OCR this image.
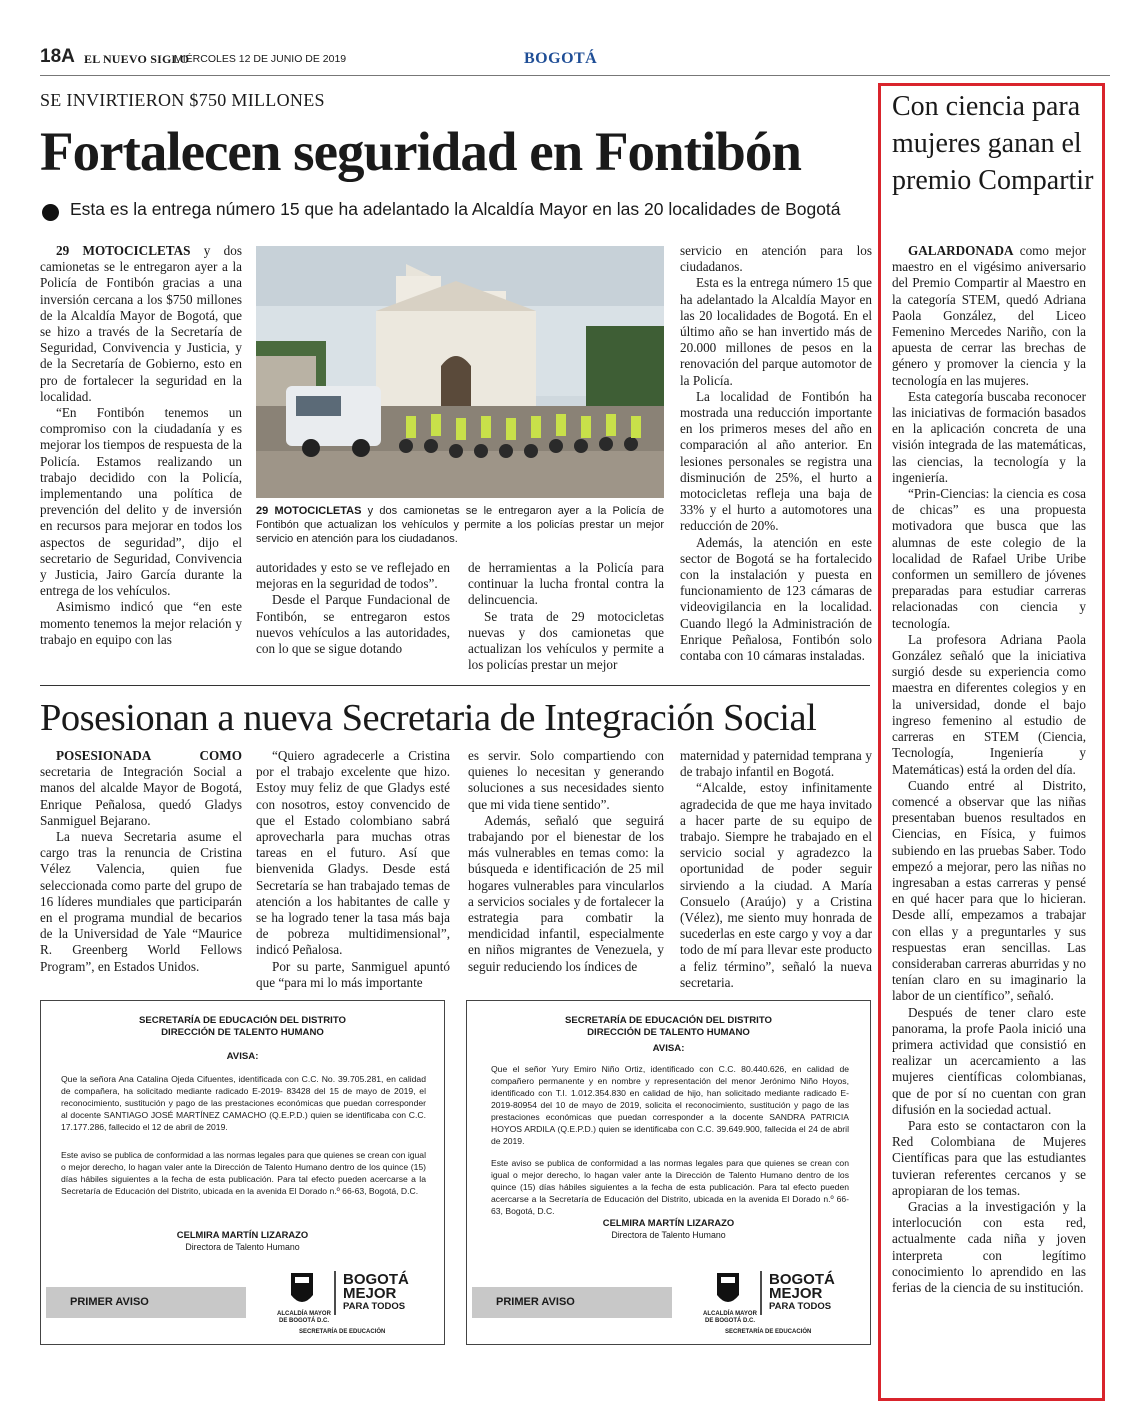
18A EL NUEVO SIGLO
MIÉRCOLES 12 DE JUNIO DE 2019	BOGOTÁ
SE INVIRTIERON $750 MILLONES
Fortalecen seguridad en Fontibón
Esta es la entrega número 15 que ha adelantado la Alcaldía Mayor en las 20 localidades de Bogotá

29 MOTOCICLETAS y dos camionetas se le entregaron ayer a la Policía de Fontibón gracias a una inversión cercana a los $750 millones de la Alcaldía Mayor de Bogotá, que se hizo a través de la Secretaría de Seguridad, Convivencia y Justicia, y de la Secretaría de Gobierno, esto en pro de fortalecer la seguridad en la localidad.

“En Fontibón tenemos un compromiso con la ciudadanía y es mejorar los tiempos de respuesta de la Policía. Estamos realizando un trabajo decidido con la Policía, implementando una política de prevención del delito y de inversión en recursos para mejorar en todos los aspectos de seguridad”, dijo el secretario de Seguridad, Convivencia y Justicia, Jairo García durante la entrega de los vehículos.

Asimismo indicó que “en este momento tenemos la mejor relación y trabajo en equipo con las

29 MOTOCICLETAS y dos camionetas se le entregaron ayer a la Policía de Fontibón que actualizan los vehículos y permite a los policías prestar un mejor servicio en atención para los ciudadanos.

autoridades y esto se ve reflejado en mejoras en la seguridad de todos”.

Desde el Parque Fundacional de Fontibón, se entregaron estos nuevos vehículos a las autoridades, con lo que se sigue dotando

de herramientas a la Policía para continuar la lucha frontal contra la delincuencia.

Se trata de 29 motocicletas nuevas y dos camionetas que actualizan los vehículos y permite a los policías prestar un mejor

servicio en atención para los ciudadanos.

Esta es la entrega número 15 que ha adelantado la Alcaldía Mayor en las 20 localidades de Bogotá. En el último año se han invertido más de 20.000 millones de pesos en la renovación del parque automotor de la Policía.

La localidad de Fontibón ha mostrada una reducción importante en los primeros meses del año en comparación al año anterior. En lesiones personales se registra una disminución de 25%, el hurto a motocicletas refleja una baja de 33% y el hurto a automotores una reducción de 20%.

Además, la atención en este sector de Bogotá se ha fortalecido con la instalación y puesta en funcionamiento de 123 cámaras de videovigilancia en la localidad. Cuando llegó la Administración de Enrique Peñalosa, Fontibón solo contaba con 10 cámaras instaladas.

Posesionan a nueva Secretaria de Integración Social

POSESIONADA COMO secretaria de Integración Social a manos del alcalde Mayor de Bogotá, Enrique Peñalosa, quedó Gladys Sanmiguel Bejarano.

La nueva Secretaria asume el cargo tras la renuncia de Cristina Vélez Valencia, quien fue seleccionada como parte del grupo de 16 líderes mundiales que participarán en el programa mundial de becarios de la Universidad de Yale “Maurice R. Greenberg World Fellows Program”, en Estados Unidos.

“Quiero agradecerle a Cristina por el trabajo excelente que hizo. Estoy muy feliz de que Gladys esté con nosotros, estoy convencido de que el Estado colombiano sabrá aprovecharla para muchas otras tareas en el futuro. Así que bienvenida Gladys. Desde está Secretaría se han trabajado temas de atención a los habitantes de calle y se ha logrado tener la tasa más baja de pobreza multidimensional”, indicó Peñalosa.

Por su parte, Sanmiguel apuntó que “para mi lo más importante

es servir. Solo compartiendo con quienes lo necesitan y generando soluciones a sus necesidades siento que mi vida tiene sentido”.

Además, señaló que seguirá trabajando por el bienestar de los más vulnerables en temas como: la búsqueda e identificación de 25 mil hogares vulnerables para vincularlos a servicios sociales y de fortalecer la estrategia para combatir la mendicidad infantil, especialmente en niños migrantes de Venezuela, y seguir reduciendo los índices de

maternidad y paternidad temprana y de trabajo infantil en Bogotá.

“Alcalde, estoy infinitamente agradecida de que me haya invitado a hacer parte de su equipo de trabajo. Siempre he trabajado en el servicio social y agradezco la oportunidad de poder seguir sirviendo a la ciudad. A María Consuelo (Araújo) y a Cristina (Vélez), me siento muy honrada de sucederlas en este cargo y voy a dar todo de mí para llevar este producto a feliz término”, señaló la nueva secretaria.

SECRETARÍA DE EDUCACIÓN DEL DISTRITO
DIRECCIÓN DE TALENTO HUMANO
AVISA:
Que la señora Ana Catalina Ojeda Cifuentes, identificada con C.C. No. 39.705.281, en calidad de compañera, ha solicitado mediante radicado E-2019- 83428 del 15 de mayo de 2019, el reconocimiento, sustitución y pago de las prestaciones económicas que puedan corresponder al docente SANTIAGO JOSÉ MARTÍNEZ CAMACHO (Q.E.P.D.) quien se identificaba con C.C. 17.177.286, fallecido el 12 de abril de 2019.
Este aviso se publica de conformidad a las normas legales para que quienes se crean con igual o mejor derecho, lo hagan valer ante la Dirección de Talento Humano dentro de los quince (15) días hábiles siguientes a la fecha de esta publicación. Para tal efecto pueden acercarse a la Secretaría de Educación del Distrito, ubicada en la avenida El Dorado n.º 66-63, Bogotá, D.C.
CELMIRA MARTÍN LIZARAZO
Directora de Talento Humano
PRIMER AVISO
ALCALDÍA MAYOR
DE BOGOTÁ D.C.
BOGOTÁ
MEJOR
PARA TODOS
SECRETARÍA DE EDUCACIÓN
SECRETARÍA DE EDUCACIÓN DEL DISTRITO
DIRECCIÓN DE TALENTO HUMANO
AVISA:
Que el señor Yury Emiro Niño Ortiz, identificado con C.C. 80.440.626, en calidad de compañero permanente y en nombre y representación del menor Jerónimo Niño Hoyos, identificado con T.I. 1.012.354.830 en calidad de hijo, han solicitado mediante radicado E-2019-80954 del 10 de mayo de 2019, solicita el reconocimiento, sustitución y pago de las prestaciones económicas que puedan corresponder a la docente SANDRA PATRICIA HOYOS ARDILA (Q.E.P.D.) quien se identificaba con C.C. 39.649.900, fallecida el 24 de abril de 2019.
Este aviso se publica de conformidad a las normas legales para que quienes se crean con igual o mejor derecho, lo hagan valer ante la Dirección de Talento Humano dentro de los quince (15) días hábiles siguientes a la fecha de esta publicación. Para tal efecto pueden acercarse a la Secretaría de Educación del Distrito, ubicada en la avenida El Dorado n.º 66-63, Bogotá, D.C.
CELMIRA MARTÍN LIZARAZO
Directora de Talento Humano
PRIMER AVISO
ALCALDÍA MAYOR
DE BOGOTÁ D.C.
BOGOTÁ
MEJOR
PARA TODOS
SECRETARÍA DE EDUCACIÓN
Con ciencia para mujeres ganan el premio Compartir

GALARDONADA como mejor maestro en el vigésimo aniversario del Premio Compartir al Maestro en la categoría STEM, quedó Adriana Paola González, del Liceo Femenino Mercedes Nariño, con la apuesta de cerrar las brechas de género y promover la ciencia y la tecnología en las mujeres.

Esta categoría buscaba reconocer las iniciativas de formación basados en la aplicación concreta de una visión integrada de las matemáticas, las ciencias, la tecnología y la ingeniería.

“Prin-Ciencias: la ciencia es cosa de chicas” es una propuesta motivadora que busca que las alumnas de este colegio de la localidad de Rafael Uribe Uribe conformen un semillero de jóvenes preparadas para estudiar carreras relacionadas con ciencia y tecnología.

La profesora Adriana Paola González señaló que la iniciativa surgió desde su experiencia como maestra en diferentes colegios y en la universidad, donde el bajo ingreso femenino al estudio de carreras en STEM (Ciencia, Tecnología, Ingeniería y Matemáticas) está la orden del día.

Cuando entré al Distrito, comencé a observar que las niñas presentaban buenos resultados en Ciencias, en Física, y fuimos subiendo en las pruebas Saber. Todo empezó a mejorar, pero las niñas no ingresaban a estas carreras y pensé en qué hacer para que lo hicieran. Desde allí, empezamos a trabajar con ellas y a preguntarles y sus respuestas eran sencillas. Las consideraban carreras aburridas y no tenían claro en su imaginario la labor de un científico”, señaló.

Después de tener claro este panorama, la profe Paola inició una primera actividad que consistió en realizar un acercamiento a las mujeres científicas colombianas, que de por sí no cuentan con gran difusión en la sociedad actual.

Para esto se contactaron con la Red Colombiana de Mujeres Científicas para que las estudiantes tuvieran referentes cercanos y se apropiaran de los temas.

Gracias a la investigación y la interlocución con esta red, actualmente cada niña y joven interpreta con legítimo conocimiento lo aprendido en las ferias de la ciencia de su institución.
